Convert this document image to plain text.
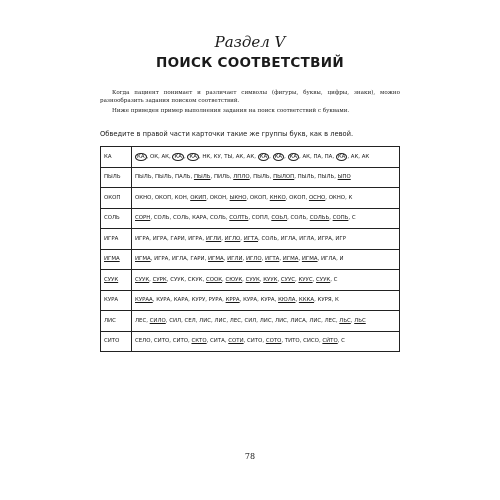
Раздел V
ПОИСК СООТВЕТСТВИЙ

Когда пациент понимает и различает символы (фигуры, буквы, цифры, знаки), можно разнообразить задания поиском соответствий.

Ниже приведен пример выполнения задания на поиск соответствий с буквами.

Обведите в правой части карточки такие же группы букв, как в левой.
КА	КА , ОК, АК, КА , КА , НК, КУ, ТЫ, АК, АК, КА , КА , КА , АК, ПА, ПА, КА , АК, АК
ПЫЛЬ	ПЫЛЬ, ПЫЛЬ, ПАЛЬ, ПЫЛЬ, ПИЛЬ, ЛПЛО, ПЫЛЬ, ПЫЛОП, ПЫЛЬ, ПЫЛЬ, ЫПО
ОКОП	ОКНО, ОКОП, КОН, ОКИП, ОКОН, ЫКНО, ОКОП, КНКО, ОКОП, ОСНО, ОКНО, К
СОЛЬ	СОРН, СОЛЬ, СОЛЬ, КАРА, СОЛЬ, СОЛТЬ, СОПЛ, СОЬЛ, СОЛЬ, СОЛЬЬ, СОПЬ, С
ИГРА	ИГРА, ИГРА, ГАРИ, ИГРА, ИГЛИ, ИГЛО, ИГТА, СОЛЬ, ИГЛА, ИГЛА, ИГРА, ИГР
ИГМА	ИГМА, ИГРА, ИГЛА, ГАРИ, ИГМА, ИГЛИ, ИГЛО, ИГТА, ИГМА, ИГМА, ИГЛА, И
СУУК	СУУК, СУРК, СУУК, СКУК, СООК, СЮУК, СУУК, КУУК, СУУС, КУУС, СУУК, С
КУРА	КУРАА, КУРА, КАРА, КУРУ, РУРА, КРРА, КУРА, КУРА, КЮЛА, КККА, КУРЯ, К
ЛИС	ЛЕС, СИЛО, СИЛ, СЕЛ, ЛИС, ЛИС, ЛЕС, СИЛ, ЛИС, ЛИС, ЛИСА, ЛИС, ЛЕС, ЛЬС, ЛЬС
СИТО	СЕЛО, СИТО, СИТО, СКТО, СИТА, СОТИ, СИТО, СОТО, ТИТО, СИСО, СЙТО, С
78
